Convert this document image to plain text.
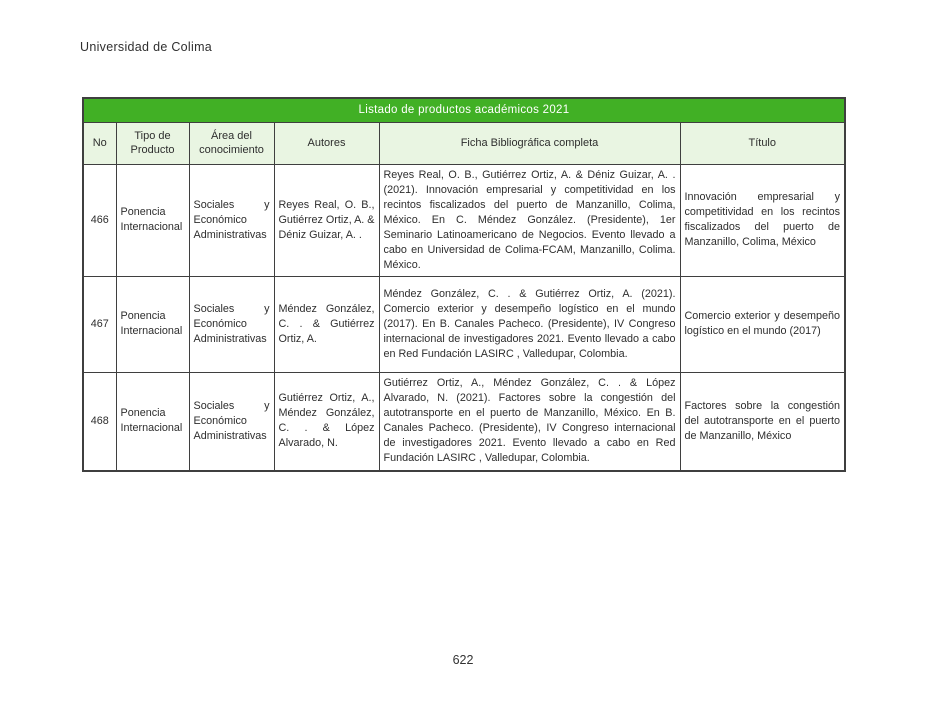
Universidad de Colima
Listado de productos académicos 2021					
No	Tipo de Producto	Área del conocimiento	Autores	Ficha Bibliográfica completa	Título
466	Ponencia Internacional	Sociales y Económico Administrativas	Reyes Real, O. B., Gutiérrez Ortiz, A. & Déniz Guizar, A. .	Reyes Real, O. B., Gutiérrez Ortiz, A. & Déniz Guizar, A. . (2021). Innovación empresarial y competitividad en los recintos fiscalizados del puerto de Manzanillo, Colima, México. En C. Méndez González. (Presidente), 1er Seminario Latinoamericano de Negocios. Evento llevado a cabo en Universidad de Colima-FCAM, Manzanillo, Colima. México.	Innovación empresarial y competitividad en los recintos fiscalizados del puerto de Manzanillo, Colima, México
467	Ponencia Internacional	Sociales y Económico Administrativas	Méndez González, C. . & Gutiérrez Ortiz, A.	Méndez González, C. . & Gutiérrez Ortiz, A. (2021). Comercio exterior y desempeño logístico en el mundo (2017). En B. Canales Pacheco. (Presidente), IV Congreso internacional de investigadores 2021. Evento llevado a cabo en Red Fundación LASIRC , Valledupar, Colombia.	Comercio exterior y desempeño logístico en el mundo (2017)
468	Ponencia Internacional	Sociales y Económico Administrativas	Gutiérrez Ortiz, A., Méndez González, C. . & López Alvarado, N.	Gutiérrez Ortiz, A., Méndez González, C. . & López Alvarado, N. (2021). Factores sobre la congestión del autotransporte en el puerto de Manzanillo, México. En B. Canales Pacheco. (Presidente), IV Congreso internacional de investigadores 2021. Evento llevado a cabo en Red Fundación LASIRC , Valledupar, Colombia.	Factores sobre la congestión del autotransporte en el puerto de Manzanillo, México
622
